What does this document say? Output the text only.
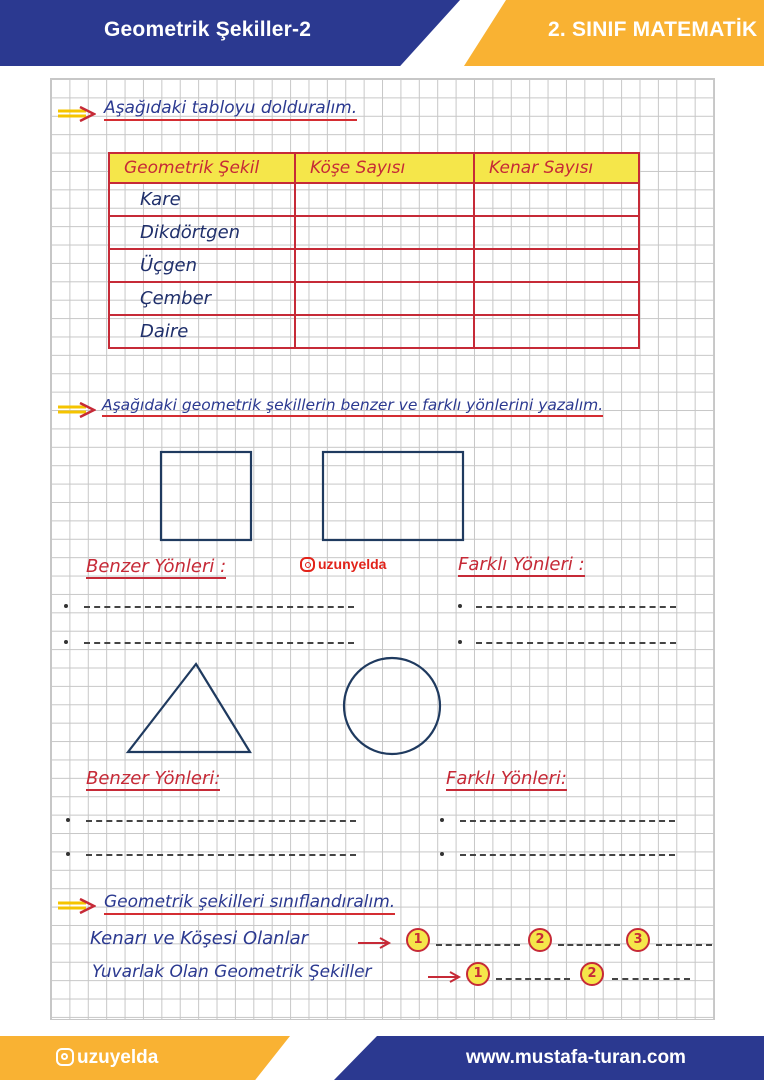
Geometrik Şekiller-2	2. SINIF MATEMATİK
Aşağıdaki tabloyu dolduralım.
Geometrik Şekil	Köşe Sayısı	Kenar Sayısı
Kare		
Dikdörtgen		
Üçgen		
Çember		
Daire		
Aşağıdaki geometrik şekillerin benzer ve farklı yönlerini yazalım.
uzunyelda
Benzer Yönleri :	Farklı Yönleri :
Benzer Yönleri:	Farklı Yönleri:
Geometrik şekilleri sınıflandıralım.
Kenarı ve Köşesi Olanlar	1	2	3
Yuvarlak Olan Geometrik Şekiller	1	2
uzuyelda	www.mustafa-turan.com
